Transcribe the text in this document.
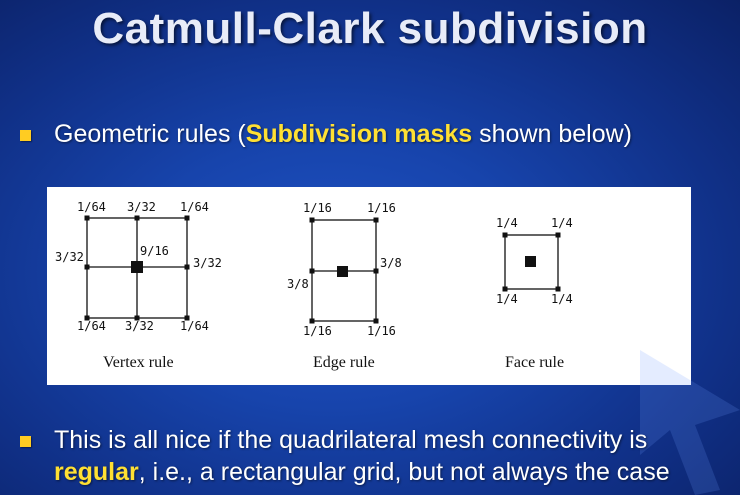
Catmull-Clark subdivision
Geometric rules (Subdivision masks shown below)
1/64 3/32 1/64
3/32	9/16
3/32
1/64 3/32 1/64
Vertex rule
1/16	1/16
3/8
3/8
1/16	1/16
Edge rule
1/4	1/4
1/4	1/4
Face rule
This is all nice if the quadrilateral mesh connectivity is
regular, i.e., a rectangular grid, but not always the case
